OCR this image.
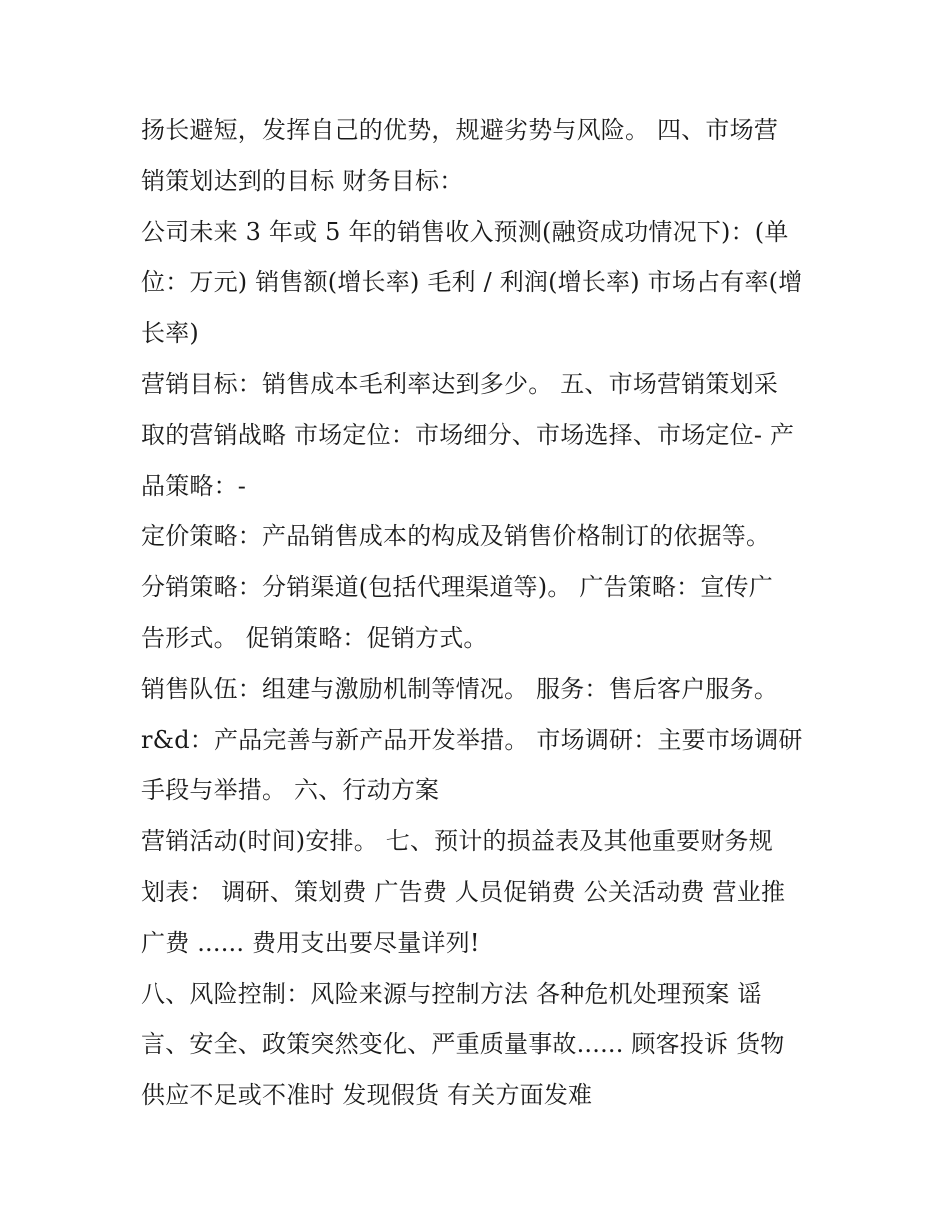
扬长避短，发挥自己的优势，规避劣势与风险。 四、市场营
销策划达到的目标 财务目标：
公司未来 3 年或 5 年的销售收入预测(融资成功情况下)：(单
位：万元) 销售额(增长率) 毛利 / 利润(增长率) 市场占有率(增
长率)
营销目标：销售成本毛利率达到多少。 五、市场营销策划采
取的营销战略 市场定位：市场细分、市场选择、市场定位- 产
品策略：-
定价策略：产品销售成本的构成及销售价格制订的依据等。
分销策略：分销渠道(包括代理渠道等)。 广告策略：宣传广
告形式。 促销策略：促销方式。
销售队伍：组建与激励机制等情况。 服务：售后客户服务。
r&d：产品完善与新产品开发举措。 市场调研：主要市场调研
手段与举措。 六、行动方案
营销活动(时间)安排。 七、预计的损益表及其他重要财务规
划表： 调研、策划费 广告费 人员促销费 公关活动费 营业推
广费 ...... 费用支出要尽量详列!
八、风险控制：风险来源与控制方法 各种危机处理预案 谣
言、安全、政策突然变化、严重质量事故...... 顾客投诉 货物
供应不足或不准时 发现假货 有关方面发难
